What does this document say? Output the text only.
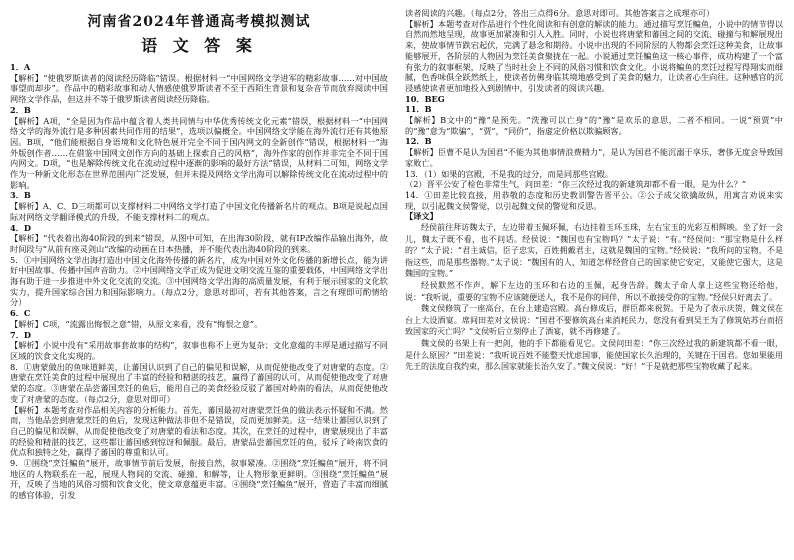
河南省2024年普通高考模拟测试
语 文 答 案

1．A

【解析】“使俄罗斯读者的阅读经历降临”错误。根据材料一“中国网络文学进军的精彩故事……对中国故事望而却步”。作品中的精彩故事和动人情感使俄罗斯读者不至于西陌生背景和复杂音节而放弃阅读中国网络文学作品，但这并不等于俄罗斯读者阅读经历降临。

2．B

【解析】A项，“全是因为作品中蕴含着人类共同情与中华优秀传统文化元素”错误，根据材料一“中国网络文学的海外流行是多种因素共同作用的结果”，选项以偏概全。中国网络文学能在海外流行还有其他原因。B项，“他们能根据自身语境和文化特色展开完全不同于国内网文的全新创作”错误，根据材料一“海外版创作者……在借鉴中国网文创作方向的基础上探索自己的风格”，海外作家的创作并非完全不同于国内网文。D项，“也是解除传统文化在流动过程中逐渐的影响的最好方法”错误，从材料二可知，网络文学作为一种新文化形态在世界范围内广泛发展，但并未提及网络文学出海可以解除传统文化在流动过程中的影响。

3．B

【解析】A、C、D三项都可以支撑材料二中网络文学打造了中国文化传播新名片的观点。B项是说起点国际对网络文学翻译模式的升级，不能支撑材料二的观点。

4．D

【解析】“代表着出海40阶段的到来”错误，从图中可知，在出海30阶段，就有IP改编作品输出海外，故时间段与“从前有座灵剑山”改编的动画在日本热播，并不能代表出海40阶段的到来。

5．①中国网络文学出海打造出中国文化海外传播的新名片，成为中国对外文化传播的新增长点，能为讲好中国故事、传播中国声音助力。②中国网络文学正成为促进文明交流互鉴的重要载体，中国网络文学出海有助于进一步推进中外文化交流的交流。③中国网络文学出海的高质量发展，有利于展示国家的文化软实力，提升国家综合国力和国际影响力。（每点2分，意思对即可，若有其他答案，言之有理即可酌情给分）

6．C

【解析】C项，“流露出悔恨之意”错，从原文来看，没有“悔恨之意”。

7．D

【解析】小说中没有“采用故事套故事的结构”，叙事也称不上更为复杂；文化意蕴的丰厚是通过描写不同区域的饮食文化实现的。

8．①唐蒙做出的鱼味道鲜美，让蕃国认识到了自己的偏见和误解，从而促使他改变了对唐蒙的态度。②唐蒙在烹饪美食的过程中展现出了丰富的经验和精湛的技艺，赢得了蕃国的认可，从而促使他改变了对唐蒙的态度。③唐蒙在品尝蕃国烹饪的鱼后，能用自己的美食经验反驳了蕃国对岭南的看法，从而促使他改变了对唐蒙的态度。（每点2分，意思对即可）

【解析】本题考查对作品相关内容的分析能力。首先，蕃国最初对唐蒙烹饪鱼的做法表示怀疑和不满。然而，当他品尝到唐蒙烹饪的鱼后，发现这种做法非但不是错误，反而更加鲜美。这一结果让蕃国认识到了自己的偏见和误解，从而促使他改变了对唐蒙的看法和态度。其次，在烹饪的过程中，唐蒙展现出了丰富的经验和精湛的技艺，这些都让蕃国感到惊讶和佩服。最后，唐蒙品尝蕃国烹饪的鱼，驳斥了岭南饮食的优点和独特之处，赢得了蕃国的尊重和认可。

9．①围绕“烹饪鳊鱼”展开，故事情节前后发展，衔接自然，叙事紧凑。②围绕“烹饪鳊鱼”展开，将不同地区的人物联系在一起，展现人物间的交流、碰撞、和解等，让人物形象更鲜明。③围绕“烹饪鳊鱼”展开，反映了当地的风俗习惯和饮食文化，使文章意蕴更丰富。④围绕“烹饪鳊鱼”展开，营造了丰富而细腻的感官体验，引发

读者阅读的兴趣。（每点2分，答出三点得6分。意思对即可。其他答案言之成理亦可）

【解析】本题考查对作品进行个性化阅读和有创意的解读的能力。通过描写烹饪鳊鱼，小说中的情节得以自然而然地呈现，故事更加紧凑和引人入胜。同时，小说也将唐蒙和蕃国之间的交流、碰撞与和解展现出来，使故事情节跌宕起伏，完满了悬念和期待。小说中出现的不同阶层的人物都会烹饪这种美食，让故事能够展开，各阶层的人物因为烹饪美食聚拢在一起。小说通过烹饪鳊鱼这一核心事件，成功构建了一个富有张力的叙事框架，反映了当时社会上不同的风俗习惯和饮食文化。小说将鳊鱼的烹饪过程写得翔实而细腻，色香味俱全跃然纸上，使读者仿佛身临其境地感受到了美食的魅力，让读者心生向往。这种感官的沉浸感使读者更加地投入到剧情中，引发读者的阅读兴趣。

10．BEG

11．B

【解析】B文中的“豫”是预先。“洗豫可以亡身”的“豫”是欢乐的意思，二者不相同。一说“预贾”中的“豫”意为“欺骗”，“贾”，“同价”，指虚定价格以欺骗顾客。

12．B

【解析】臣曹不是认为国君“不能为其他事情浪费精力”，是认为国君不能沉溺于享乐，奢侈无度会导致国家败亡。

13．（1）如果的宫殿，不是我的过分，而是同那些宫殿。

（2）晋平公安了检色非常生气，问田差：“你三次经过我的新建筑却都不看一眼，是为什么？”

14．①田差比较直接，用恭敬的态度和历史教训警告晋平公。②公子成父欲擒故纵，用寓言劝说来实现，以引起魏文侯警觉，以引起魏文侯的警觉和反思。

【译文】

经侯前往拜访魏太子，左边带着玉佩环佩，右边挂着玉环玉珠，左右宝玉的光彩互相辉映。坐了好一会儿，魏太子既不看，也不问话。经侯说：“魏国也有宝物吗？”太子说：“有。”经侯问：“那宝物是什么样的？”太子说：“君主诚信，臣子忠实，百姓拥戴君主，这就是魏国的宝物。”经侯说：“我所问的宝物，不是指这些，而是那些器物。”太子说：“魏国有的人，知道怎样经营自己的国家使它安定，又能使它强大，这是魏国的宝物。”

经侯默然不作声，解下左边的玉环和右边的玉佩，起身告辞。魏太子命人拿上这些宝物还给他，说：“我听说，重要的宝物不应该随便送人，我不是你的同伴，所以不敢接受你的宝物。”经侯只好离去了。

魏文侯修筑了一座高台，在台上建造宫殿。高台修成后，群臣都来祝贺。于是为了表示庆贺，魏文侯在台上大设酒宴。席间田差对文侯说：“国君不要修筑高台来消耗民力，您没有看到吴王为了修筑姑苏台而招致国家的灭亡吗？”文侯听后立刻停止了酒宴，就不再修建了。

魏文侯的书架上有一把剑，他的手下都能看见它。文侯问田差：“你三次经过我的新建筑都不看一眼，是什么原因？”田差说：“我听说百姓不能整天忧虑国事，能使国家长久治理的，关键在于国君。您如果能用先王的法度自我约束，那么国家就能长治久安了。”魏文侯说：“好！”于是就把那些宝物收藏了起来。
